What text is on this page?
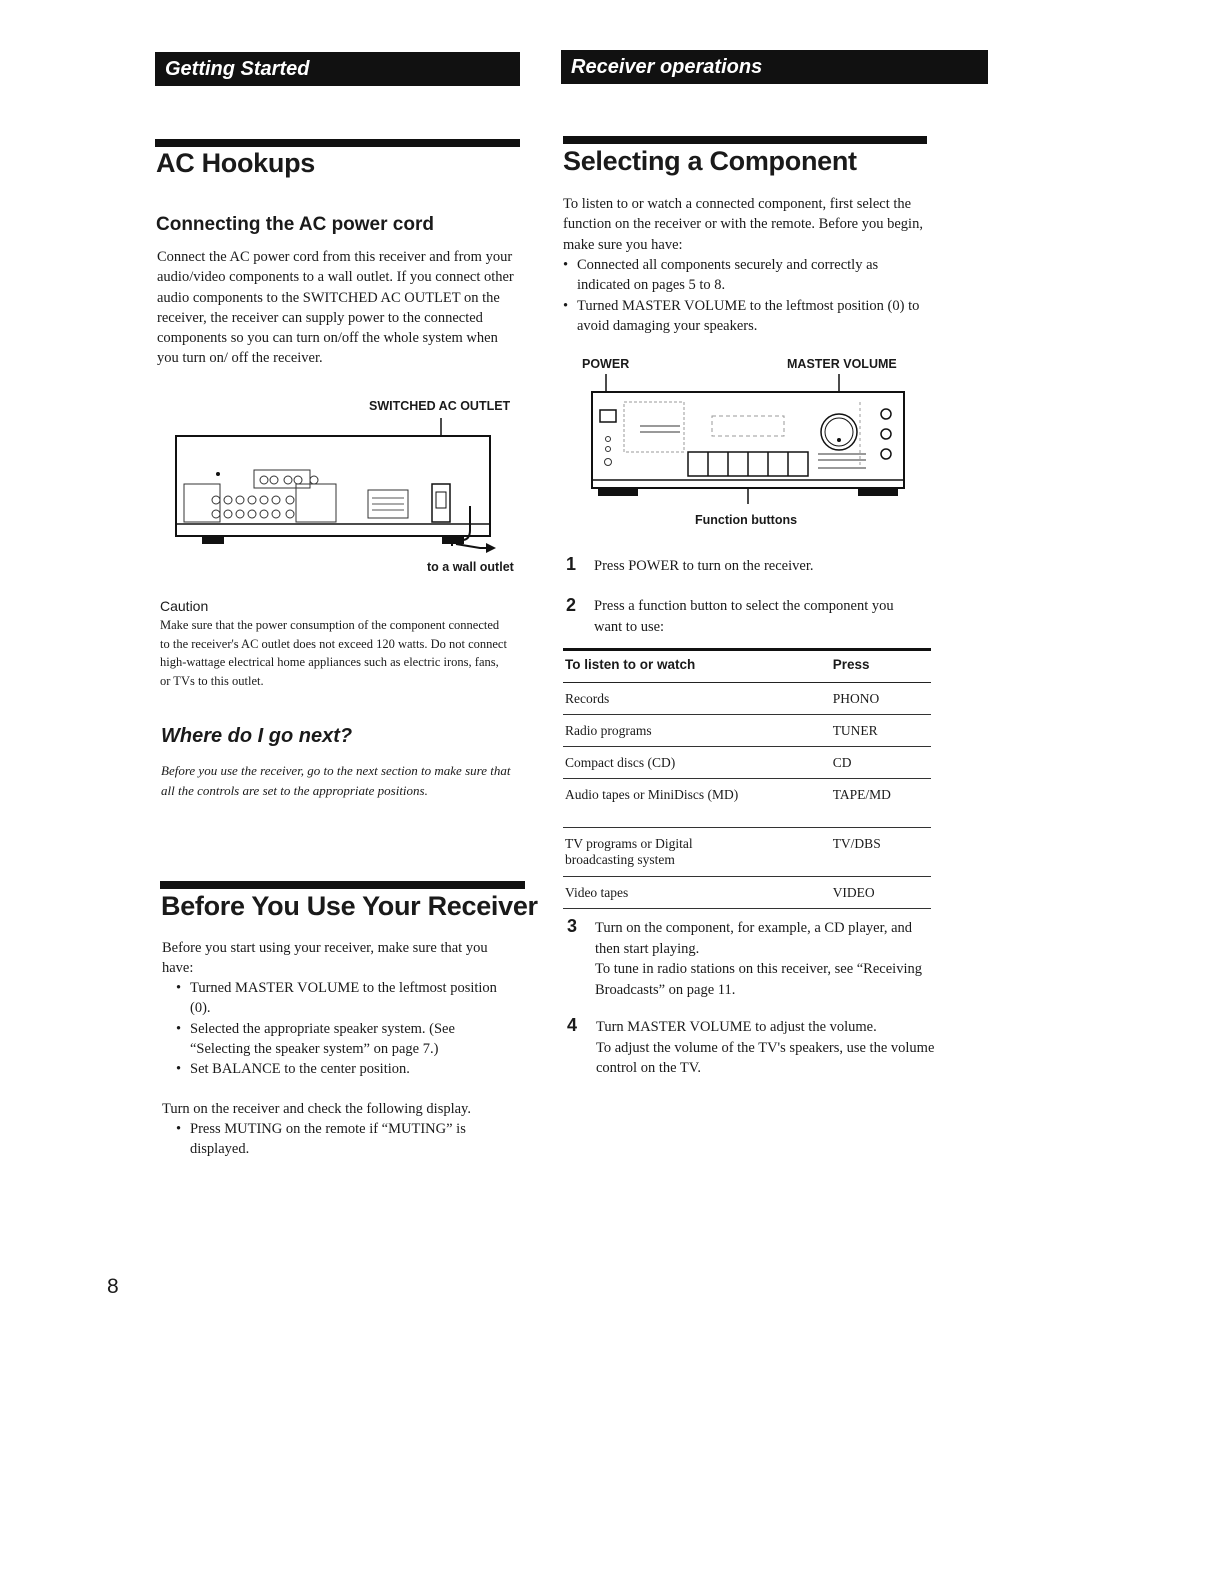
Getting Started
AC Hookups
Connecting the AC power cord
Connect the AC power cord from this receiver and from your audio/video components to a wall outlet. If you connect other audio components to the SWITCHED AC OUTLET on the receiver, the receiver can supply power to the connected components so you can turn on/off the whole system when you turn on/ off the receiver.
SWITCHED AC OUTLET
to a wall outlet
Caution
Make sure that the power consumption of the component connected to the receiver's AC outlet does not exceed 120 watts. Do not connect high-wattage electrical home appliances such as electric irons, fans, or TVs to this outlet.
Where do I go next?
Before you use the receiver, go to the next section to make sure that all the controls are set to the appropriate positions.
Before You Use Your Receiver
Before you start using your receiver, make sure that you have:
• Turned MASTER VOLUME to the leftmost position (0).
• Selected the appropriate speaker system. (See “Selecting the speaker system” on page 7.)
• Set BALANCE to the center position.
Turn on the receiver and check the following display.
• Press MUTING on the remote if “MUTING” is displayed.
8
Receiver operations
Selecting a Component
To listen to or watch a connected component, first select the function on the receiver or with the remote. Before you begin, make sure you have:
• Connected all components securely and correctly as indicated on pages 5 to 8.
• Turned MASTER VOLUME to the leftmost position (0) to avoid damaging your speakers.
POWER	MASTER VOLUME
Function buttons
1 Press POWER to turn on the receiver.
2 Press a function button to select the component you want to use:
To listen to or watch	Press
Records	PHONO
Radio programs	TUNER
Compact discs (CD)	CD
Audio tapes or MiniDiscs (MD)	TAPE/MD
TV programs or Digital broadcasting system	TV/DBS
Video tapes	VIDEO
3 Turn on the component, for example, a CD player, and then start playing.
To tune in radio stations on this receiver, see “Receiving Broadcasts” on page 11.
4 Turn MASTER VOLUME to adjust the volume.
To adjust the volume of the TV's speakers, use the volume control on the TV.
